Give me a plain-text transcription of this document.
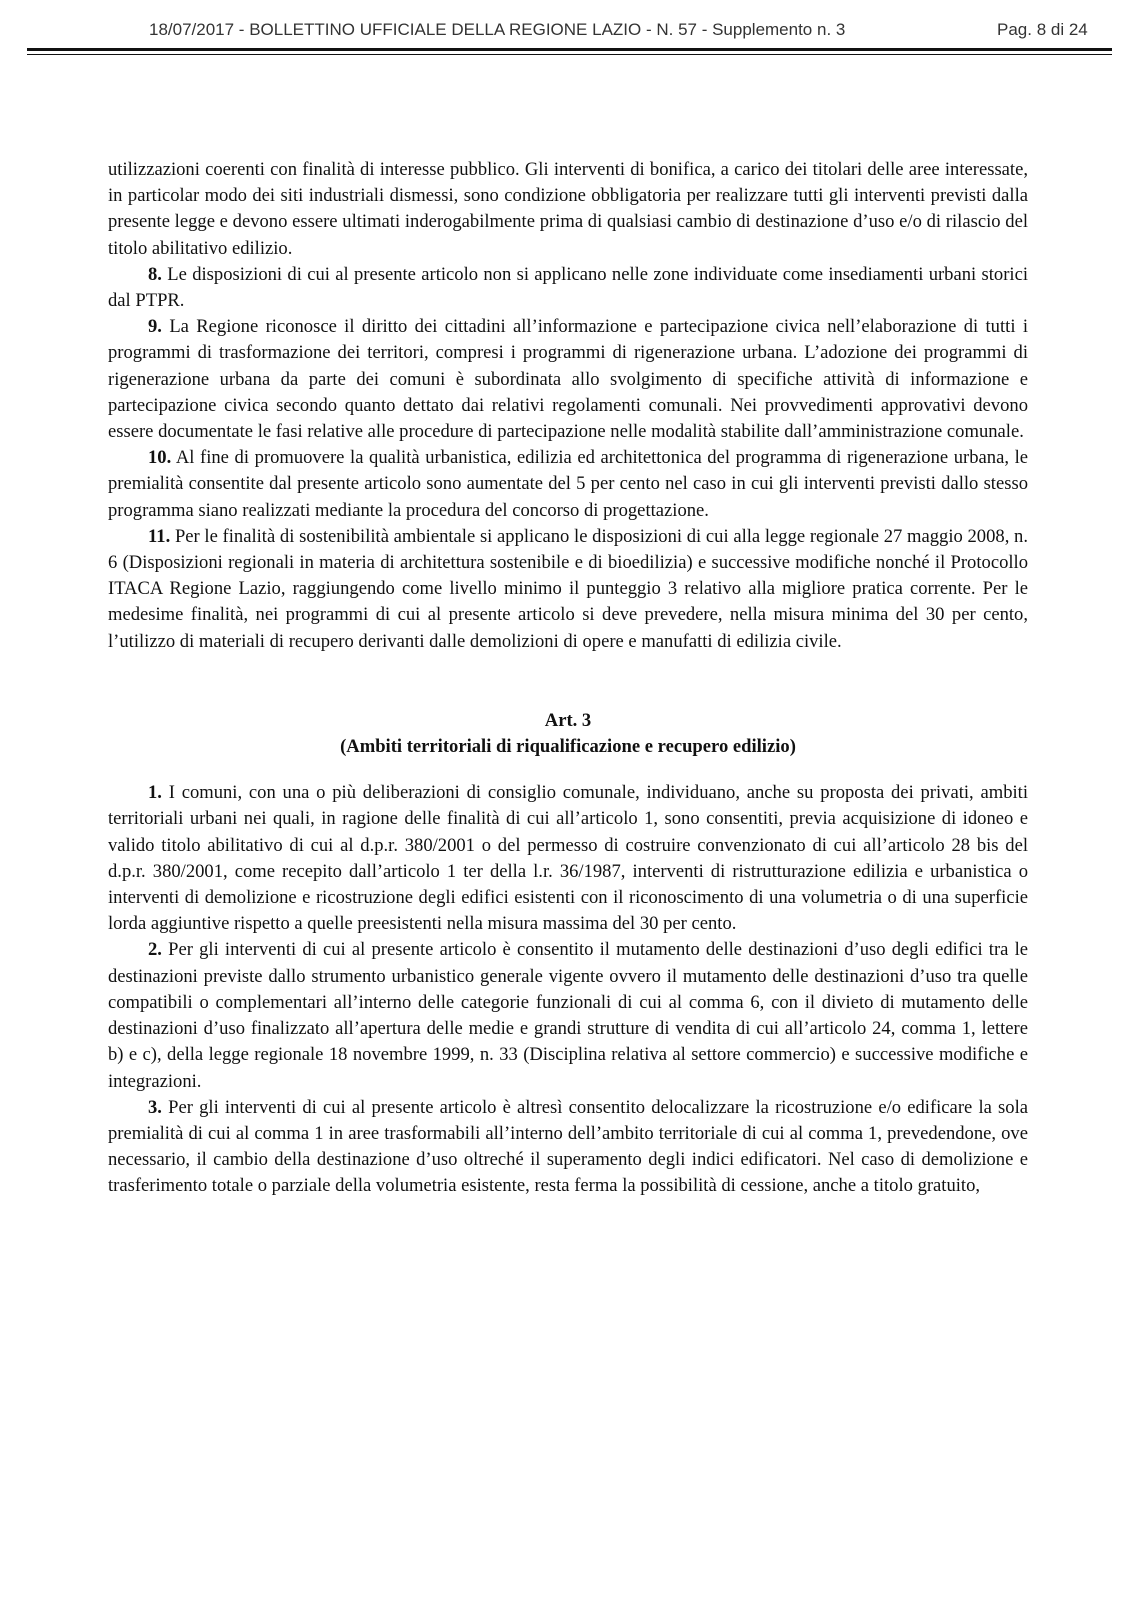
18/07/2017 - BOLLETTINO UFFICIALE DELLA REGIONE LAZIO - N. 57 - Supplemento n. 3	Pag. 8 di 24

utilizzazioni coerenti con finalità di interesse pubblico. Gli interventi di bonifica, a carico dei titolari delle aree interessate, in particolar modo dei siti industriali dismessi, sono condizione obbligatoria per realizzare tutti gli interventi previsti dalla presente legge e devono essere ultimati inderogabilmente prima di qualsiasi cambio di destinazione d’uso e/o di rilascio del titolo abilitativo edilizio.

8. Le disposizioni di cui al presente articolo non si applicano nelle zone individuate come insediamenti urbani storici dal PTPR.

9. La Regione riconosce il diritto dei cittadini all’informazione e partecipazione civica nell’elaborazione di tutti i programmi di trasformazione dei territori, compresi i programmi di rigenerazione urbana. L’adozione dei programmi di rigenerazione urbana da parte dei comuni è subordinata allo svolgimento di specifiche attività di informazione e partecipazione civica secondo quanto dettato dai relativi regolamenti comunali. Nei provvedimenti approvativi devono essere documentate le fasi relative alle procedure di partecipazione nelle modalità stabilite dall’amministrazione comunale.

10. Al fine di promuovere la qualità urbanistica, edilizia ed architettonica del programma di rigenerazione urbana, le premialità consentite dal presente articolo sono aumentate del 5 per cento nel caso in cui gli interventi previsti dallo stesso programma siano realizzati mediante la procedura del concorso di progettazione.

11. Per le finalità di sostenibilità ambientale si applicano le disposizioni di cui alla legge regionale 27 maggio 2008, n. 6 (Disposizioni regionali in materia di architettura sostenibile e di bioedilizia) e successive modifiche nonché il Protocollo ITACA Regione Lazio, raggiungendo come livello minimo il punteggio 3 relativo alla migliore pratica corrente. Per le medesime finalità, nei programmi di cui al presente articolo si deve prevedere, nella misura minima del 30 per cento, l’utilizzo di materiali di recupero derivanti dalle demolizioni di opere e manufatti di edilizia civile.

Art. 3
(Ambiti territoriali di riqualificazione e recupero edilizio)

1. I comuni, con una o più deliberazioni di consiglio comunale, individuano, anche su proposta dei privati, ambiti territoriali urbani nei quali, in ragione delle finalità di cui all’articolo 1, sono consentiti, previa acquisizione di idoneo e valido titolo abilitativo di cui al d.p.r. 380/2001 o del permesso di costruire convenzionato di cui all’articolo 28 bis del d.p.r. 380/2001, come recepito dall’articolo 1 ter della l.r. 36/1987, interventi di ristrutturazione edilizia e urbanistica o interventi di demolizione e ricostruzione degli edifici esistenti con il riconoscimento di una volumetria o di una superficie lorda aggiuntive rispetto a quelle preesistenti nella misura massima del 30 per cento.

2. Per gli interventi di cui al presente articolo è consentito il mutamento delle destinazioni d’uso degli edifici tra le destinazioni previste dallo strumento urbanistico generale vigente ovvero il mutamento delle destinazioni d’uso tra quelle compatibili o complementari all’interno delle categorie funzionali di cui al comma 6, con il divieto di mutamento delle destinazioni d’uso finalizzato all’apertura delle medie e grandi strutture di vendita di cui all’articolo 24, comma 1, lettere b) e c), della legge regionale 18 novembre 1999, n. 33 (Disciplina relativa al settore commercio) e successive modifiche e integrazioni.

3. Per gli interventi di cui al presente articolo è altresì consentito delocalizzare la ricostruzione e/o edificare la sola premialità di cui al comma 1 in aree trasformabili all’interno dell’ambito territoriale di cui al comma 1, prevedendone, ove necessario, il cambio della destinazione d’uso oltreché il superamento degli indici edificatori. Nel caso di demolizione e trasferimento totale o parziale della volumetria esistente, resta ferma la possibilità di cessione, anche a titolo gratuito,
